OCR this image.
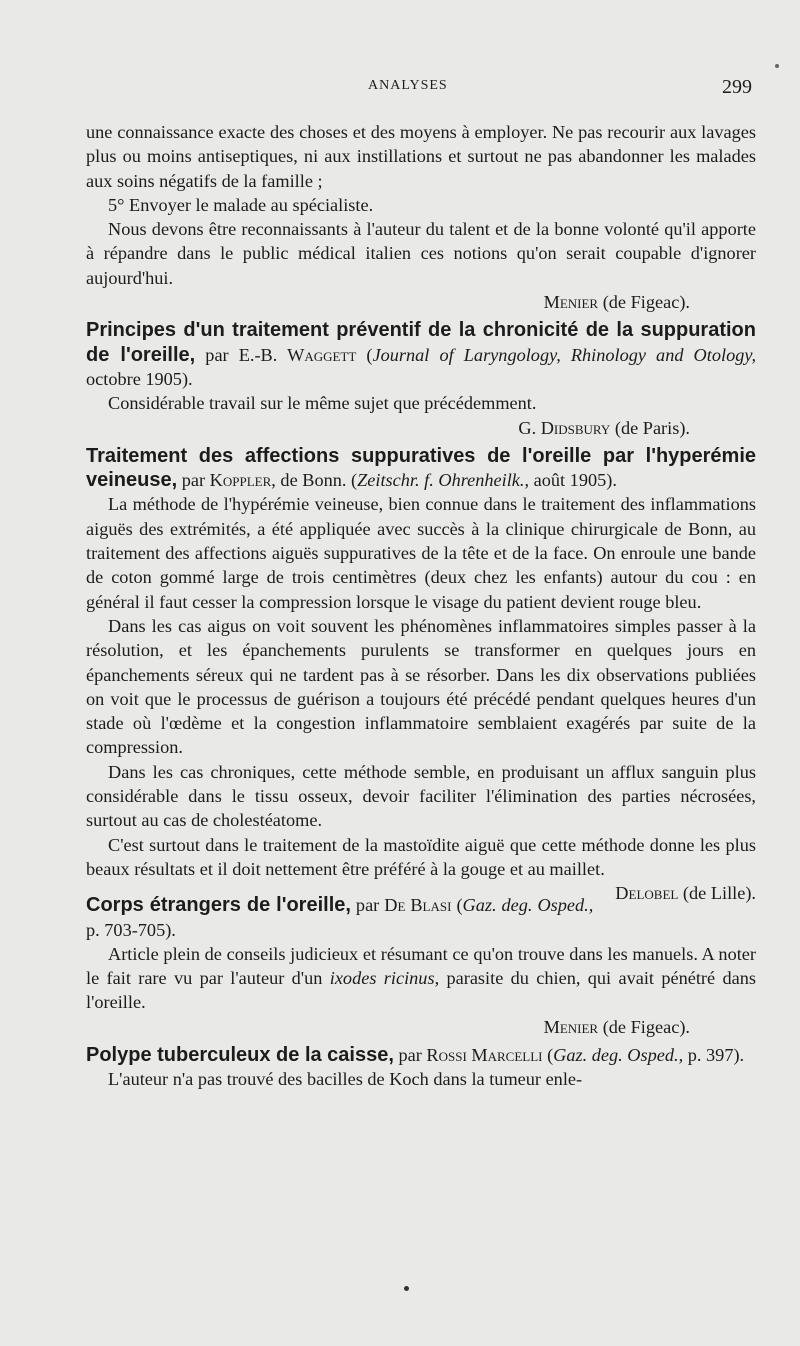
ANALYSES	299

une connaissance exacte des choses et des moyens à employer. Ne pas recourir aux lavages plus ou moins antiseptiques, ni aux instillations et surtout ne pas abandonner les malades aux soins négatifs de la famille ;

5° Envoyer le malade au spécialiste.

Nous devons être reconnaissants à l'auteur du talent et de la bonne volonté qu'il apporte à répandre dans le public médical italien ces notions qu'on serait coupable d'ignorer aujourd'hui.

Menier (de Figeac).

Principes d'un traitement préventif de la chronicité de la suppuration de l'oreille, par E.-B. Waggett (Journal of Laryngology, Rhinology and Otology, octobre 1905).

Considérable travail sur le même sujet que précédemment.

G. Didsbury (de Paris).

Traitement des affections suppuratives de l'oreille par l'hyperémie veineuse, par Koppler, de Bonn. (Zeitschr. f. Ohrenheilk., août 1905).

La méthode de l'hypérémie veineuse, bien connue dans le traitement des inflammations aiguës des extrémités, a été appliquée avec succès à la clinique chirurgicale de Bonn, au traitement des affections aiguës suppuratives de la tête et de la face. On enroule une bande de coton gommé large de trois centimètres (deux chez les enfants) autour du cou : en général il faut cesser la compression lorsque le visage du patient devient rouge bleu.

Dans les cas aigus on voit souvent les phénomènes inflammatoires simples passer à la résolution, et les épanchements purulents se transformer en quelques jours en épanchements séreux qui ne tardent pas à se résorber. Dans les dix observations publiées on voit que le processus de guérison a toujours été précédé pendant quelques heures d'un stade où l'œdème et la congestion inflammatoire semblaient exagérés par suite de la compression.

Dans les cas chroniques, cette méthode semble, en produisant un afflux sanguin plus considérable dans le tissu osseux, devoir faciliter l'élimination des parties nécrosées, surtout au cas de cholestéatome.

C'est surtout dans le traitement de la mastoïdite aiguë que cette méthode donne les plus beaux résultats et il doit nettement être préféré à la gouge et au maillet.
Delobel (de Lille).

Corps étrangers de l'oreille, par De Blasi (Gaz. deg. Osped., p. 703-705).

Article plein de conseils judicieux et résumant ce qu'on trouve dans les manuels. A noter le fait rare vu par l'auteur d'un ixodes ricinus, parasite du chien, qui avait pénétré dans l'oreille.

Menier (de Figeac).

Polype tuberculeux de la caisse, par Rossi Marcelli (Gaz. deg. Osped., p. 397).

L'auteur n'a pas trouvé des bacilles de Koch dans la tumeur enle-
